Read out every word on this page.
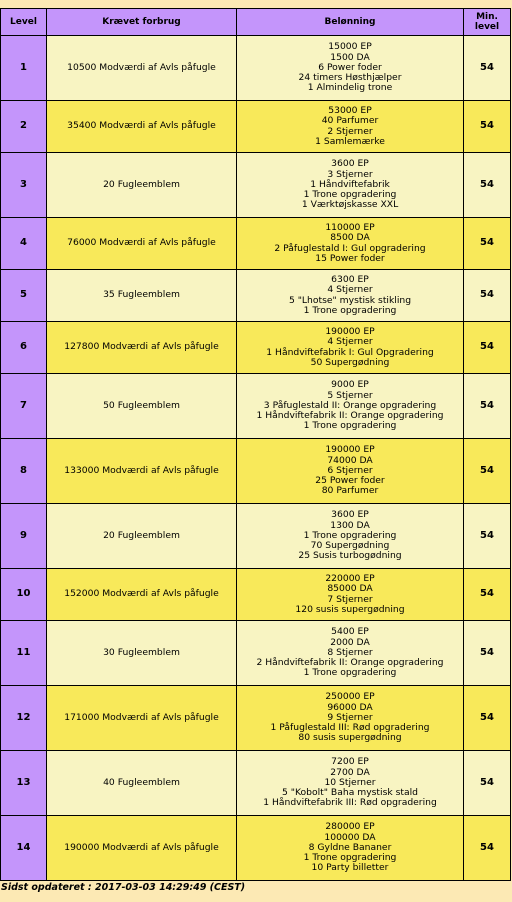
Level	Krævet forbrug	Belønning	Min. level
1	10500 Modværdi af Avls påfugle	15000 EP
1500 DA
6 Power foder
24 timers Høsthjælper
1 Almindelig trone	54
2	35400 Modværdi af Avls påfugle	53000 EP
40 Parfumer
2 Stjerner
1 Samlemærke	54
3	20 Fugleemblem	3600 EP
3 Stjerner
1 Håndviftefabrik
1 Trone opgradering
1 Værktøjskasse XXL	54
4	76000 Modværdi af Avls påfugle	110000 EP
8500 DA
2 Påfuglestald I: Gul opgradering
15 Power foder	54
5	35 Fugleemblem	6300 EP
4 Stjerner
5 "Lhotse" mystisk stikling
1 Trone opgradering	54
6	127800 Modværdi af Avls påfugle	190000 EP
4 Stjerner
1 Håndviftefabrik I: Gul Opgradering
50 Supergødning	54
7	50 Fugleemblem	9000 EP
5 Stjerner
3 Påfuglestald II: Orange opgradering
1 Håndviftefabrik II: Orange opgradering
1 Trone opgradering	54
8	133000 Modværdi af Avls påfugle	190000 EP
74000 DA
6 Stjerner
25 Power foder
80 Parfumer	54
9	20 Fugleemblem	3600 EP
1300 DA
1 Trone opgradering
70 Supergødning
25 Susis turbogødning	54
10	152000 Modværdi af Avls påfugle	220000 EP
85000 DA
7 Stjerner
120 susis supergødning	54
11	30 Fugleemblem	5400 EP
2000 DA
8 Stjerner
2 Håndviftefabrik II: Orange opgradering
1 Trone opgradering	54
12	171000 Modværdi af Avls påfugle	250000 EP
96000 DA
9 Stjerner
1 Påfuglestald III: Rød opgradering
80 susis supergødning	54
13	40 Fugleemblem	7200 EP
2700 DA
10 Stjerner
5 "Kobolt" Baha mystisk stald
1 Håndviftefabrik III: Rød opgradering	54
14	190000 Modværdi af Avls påfugle	280000 EP
100000 DA
8 Gyldne Bananer
1 Trone opgradering
10 Party billetter	54
Sidst opdateret : 2017-03-03 14:29:49 (CEST)
